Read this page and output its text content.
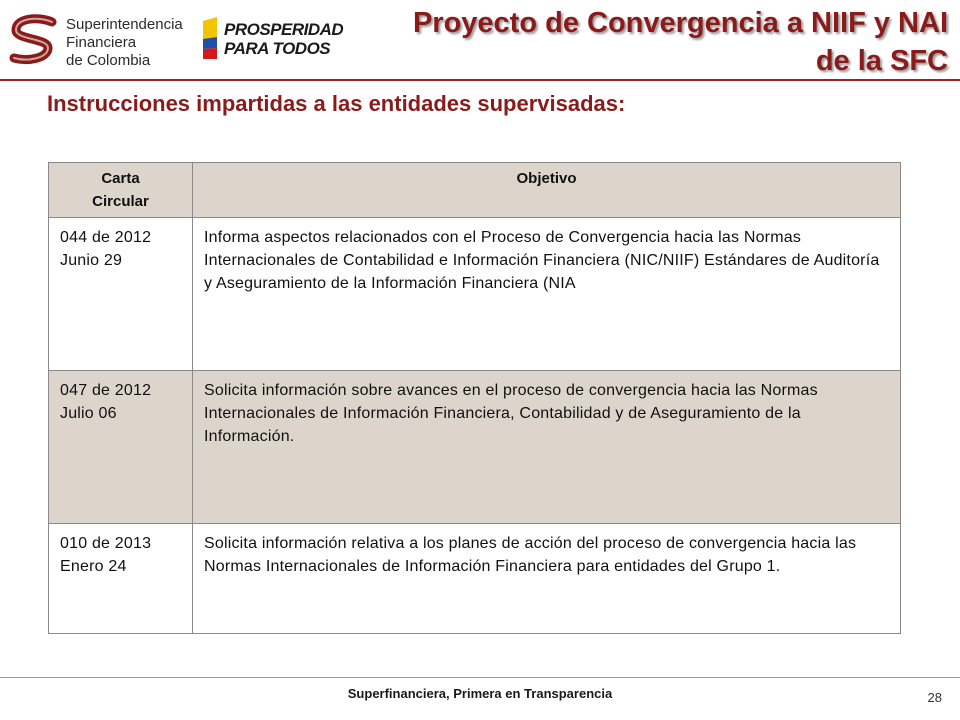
Superintendencia
Financiera
de Colombia
PROSPERIDAD
PARA TODOS
Proyecto de Convergencia a NIIF y NAI
de la SFC
Instrucciones impartidas a las entidades supervisadas:
Carta
Circular	Objetivo

044 de 2012
Junio 29	Informa aspectos relacionados con el Proceso de Convergencia hacia las Normas Internacionales de Contabilidad e Información Financiera (NIC/NIIF) Estándares de Auditoría y Aseguramiento de la Información Financiera (NIA

047 de 2012
Julio 06	Solicita información sobre avances en el proceso de convergencia hacia las Normas Internacionales de Información Financiera, Contabilidad y de Aseguramiento de la Información.

010 de 2013
Enero 24	Solicita información relativa a los planes de acción del proceso de convergencia hacia las Normas Internacionales de Información Financiera para entidades del Grupo 1.
Superfinanciera, Primera en Transparencia	28
